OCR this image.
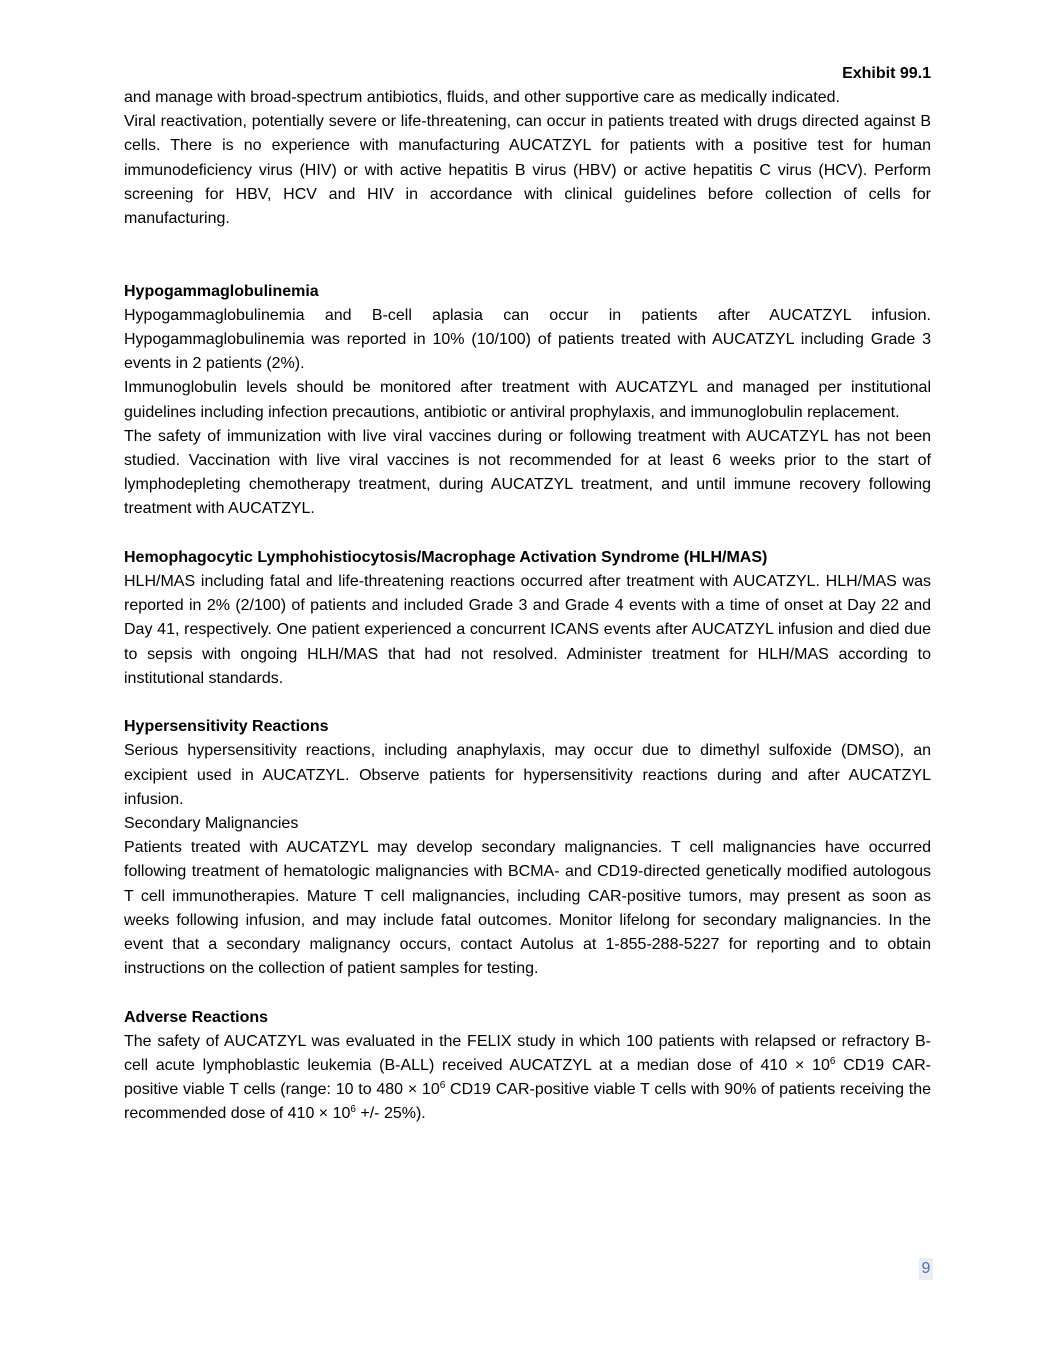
Exhibit 99.1

and manage with broad-spectrum antibiotics, fluids, and other supportive care as medically indicated.

Viral reactivation, potentially severe or life-threatening, can occur in patients treated with drugs directed against B cells. There is no experience with manufacturing AUCATZYL for patients with a positive test for human immunodeficiency virus (HIV) or with active hepatitis B virus (HBV) or active hepatitis C virus (HCV). Perform screening for HBV, HCV and HIV in accordance with clinical guidelines before collection of cells for manufacturing.

Hypogammaglobulinemia

Hypogammaglobulinemia and B-cell aplasia can occur in patients after AUCATZYL infusion. Hypogammaglobulinemia was reported in 10% (10/100) of patients treated with AUCATZYL including Grade 3 events in 2 patients (2%).

Immunoglobulin levels should be monitored after treatment with AUCATZYL and managed per institutional guidelines including infection precautions, antibiotic or antiviral prophylaxis, and immunoglobulin replacement.

The safety of immunization with live viral vaccines during or following treatment with AUCATZYL has not been studied. Vaccination with live viral vaccines is not recommended for at least 6 weeks prior to the start of lymphodepleting chemotherapy treatment, during AUCATZYL treatment, and until immune recovery following treatment with AUCATZYL.

Hemophagocytic Lymphohistiocytosis/Macrophage Activation Syndrome (HLH/MAS)

HLH/MAS including fatal and life-threatening reactions occurred after treatment with AUCATZYL. HLH/MAS was reported in 2% (2/100) of patients and included Grade 3 and Grade 4 events with a time of onset at Day 22 and Day 41, respectively. One patient experienced a concurrent ICANS events after AUCATZYL infusion and died due to sepsis with ongoing HLH/MAS that had not resolved. Administer treatment for HLH/MAS according to institutional standards.

Hypersensitivity Reactions

Serious hypersensitivity reactions, including anaphylaxis, may occur due to dimethyl sulfoxide (DMSO), an excipient used in AUCATZYL. Observe patients for hypersensitivity reactions during and after AUCATZYL infusion.

Secondary Malignancies

Patients treated with AUCATZYL may develop secondary malignancies. T cell malignancies have occurred following treatment of hematologic malignancies with BCMA- and CD19-directed genetically modified autologous T cell immunotherapies. Mature T cell malignancies, including CAR-positive tumors, may present as soon as weeks following infusion, and may include fatal outcomes. Monitor lifelong for secondary malignancies. In the event that a secondary malignancy occurs, contact Autolus at 1-855-288-5227 for reporting and to obtain instructions on the collection of patient samples for testing.

Adverse Reactions

The safety of AUCATZYL was evaluated in the FELIX study in which 100 patients with relapsed or refractory B-cell acute lymphoblastic leukemia (B-ALL) received AUCATZYL at a median dose of $410 \times 10^6$ CD19 CAR-positive viable T cells (range: 10 to $480 \times 10^6$ CD19 CAR-positive viable T cells with 90% of patients receiving the recommended dose of $410 \times 10^6$ +/- 25%).

9
